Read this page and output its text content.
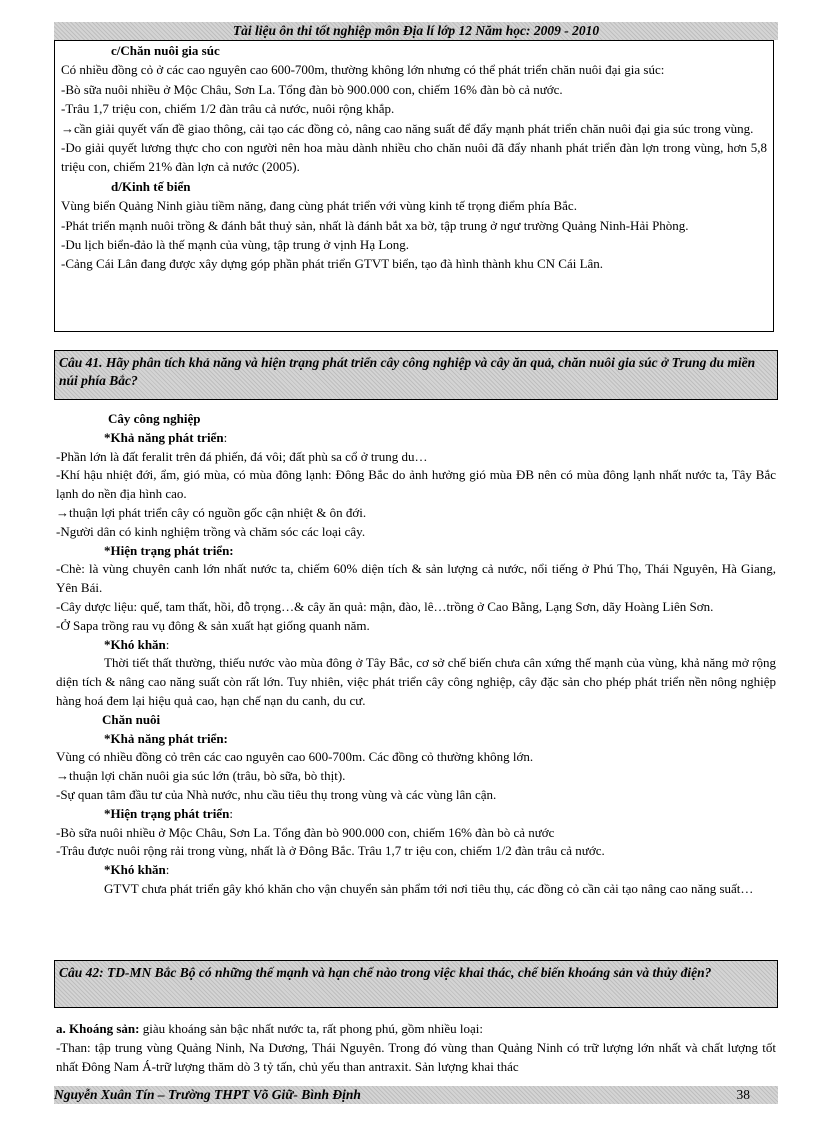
Tài liệu ôn thi tốt nghiệp môn Địa lí lớp 12 Năm học: 2009 - 2010

c/Chăn nuôi gia súc

Có nhiều đồng cỏ ở các cao nguyên cao 600-700m, thường không lớn nhưng có thể phát triển chăn nuôi đại gia súc:

-Bò sữa nuôi nhiều ở Mộc Châu, Sơn La. Tổng đàn bò 900.000 con, chiếm 16% đàn bò cả nước.

-Trâu 1,7 triệu con, chiếm 1/2 đàn trâu cả nước, nuôi rộng khắp.

→cần giải quyết vấn đề giao thông, cải tạo các đồng cỏ, nâng cao năng suất để đẩy mạnh phát triển chăn nuôi đại gia súc trong vùng.

-Do giải quyết lương thực cho con người nên hoa màu dành nhiều cho chăn nuôi đã đẩy nhanh phát triển đàn lợn trong vùng, hơn 5,8 triệu con, chiếm 21% đàn lợn cả nước (2005).

d/Kinh tế biển

Vùng biển Quảng Ninh giàu tiềm năng, đang cùng phát triển với vùng kinh tế trọng điểm phía Bắc.

-Phát triển mạnh nuôi trồng & đánh bắt thuỷ sản, nhất là đánh bắt xa bờ, tập trung ở ngư trường Quảng Ninh-Hải Phòng.

-Du lịch biển-đảo là thế mạnh của vùng, tập trung ở vịnh Hạ Long.

-Cảng Cái Lân đang được xây dựng góp phần phát triển GTVT biển, tạo đà hình thành khu CN Cái Lân.

Câu 41. Hãy phân tích khả năng và hiện trạng phát triển cây công nghiệp và cây ăn quả, chăn nuôi gia súc ở Trung du miền núi phía Bắc?

Cây công nghiệp

*Khả năng phát triển:

-Phần lớn là đất feralit trên đá phiến, đá vôi; đất phù sa cổ ở trung du…

-Khí hậu nhiệt đới, ẩm, gió mùa, có mùa đông lạnh: Đông Bắc do ảnh hưởng gió mùa ĐB nên có mùa đông lạnh nhất nước ta, Tây Bắc lạnh do nền địa hình cao.

→thuận lợi phát triển cây có nguồn gốc cận nhiệt & ôn đới.

-Người dân có kinh nghiệm trồng và chăm sóc các loại cây.

*Hiện trạng phát triển:

-Chè: là vùng chuyên canh lớn nhất nước ta, chiếm 60% diện tích & sản lượng cả nước, nổi tiếng ở Phú Thọ, Thái Nguyên, Hà Giang, Yên Bái.

-Cây dược liệu: quế, tam thất, hồi, đỗ trọng…& cây ăn quả: mận, đào, lê…trồng ở Cao Bằng, Lạng Sơn, dãy Hoàng Liên Sơn.

-Ở Sapa trồng rau vụ đông & sản xuất hạt giống quanh năm.

*Khó khăn:

Thời tiết thất thường, thiếu nước vào mùa đông ở Tây Bắc, cơ sở chế biến chưa cân xứng thế mạnh của vùng, khả năng mở rộng diện tích & nâng cao năng suất còn rất lớn. Tuy nhiên, việc phát triển cây công nghiệp, cây đặc sản cho phép phát triển nền nông nghiệp hàng hoá đem lại hiệu quả cao, hạn chế nạn du canh, du cư.

Chăn nuôi

*Khả năng phát triển:

Vùng có nhiều đồng cỏ trên các cao nguyên cao 600-700m. Các đồng cỏ thường không lớn.

→thuận lợi chăn nuôi gia súc lớn (trâu, bò sữa, bò thịt).

-Sự quan tâm đầu tư của Nhà nước, nhu cầu tiêu thụ trong vùng và các vùng lân cận.

*Hiện trạng phát triển:

-Bò sữa nuôi nhiều ở Mộc Châu, Sơn La. Tổng đàn bò 900.000 con, chiếm 16% đàn bò cả nước

-Trâu được nuôi rộng rải trong vùng, nhất là ở Đông Bắc. Trâu 1,7 tr iệu con, chiếm 1/2 đàn trâu cả nước.

*Khó khăn:

GTVT chưa phát triển gây khó khăn cho vận chuyển sản phẩm tới nơi tiêu thụ, các đồng cỏ cần cải tạo nâng cao năng suất…

Câu 42: TD-MN Bắc Bộ có những thế mạnh và hạn chế nào trong việc khai thác, chế biến khoáng sản và thủy điện?

a. Khoáng sản: giàu khoáng sản bậc nhất nước ta, rất phong phú, gồm nhiều loại:

-Than: tập trung vùng Quảng Ninh, Na Dương, Thái Nguyên. Trong đó vùng than Quảng Ninh có trữ lượng lớn nhất và chất lượng tốt nhất Đông Nam Á-trữ lượng thăm dò 3 tỷ tấn, chủ yếu than antraxit. Sản lượng khai thác

Nguyễn Xuân Tín – Trường THPT Võ Giữ- Bình Định	38
